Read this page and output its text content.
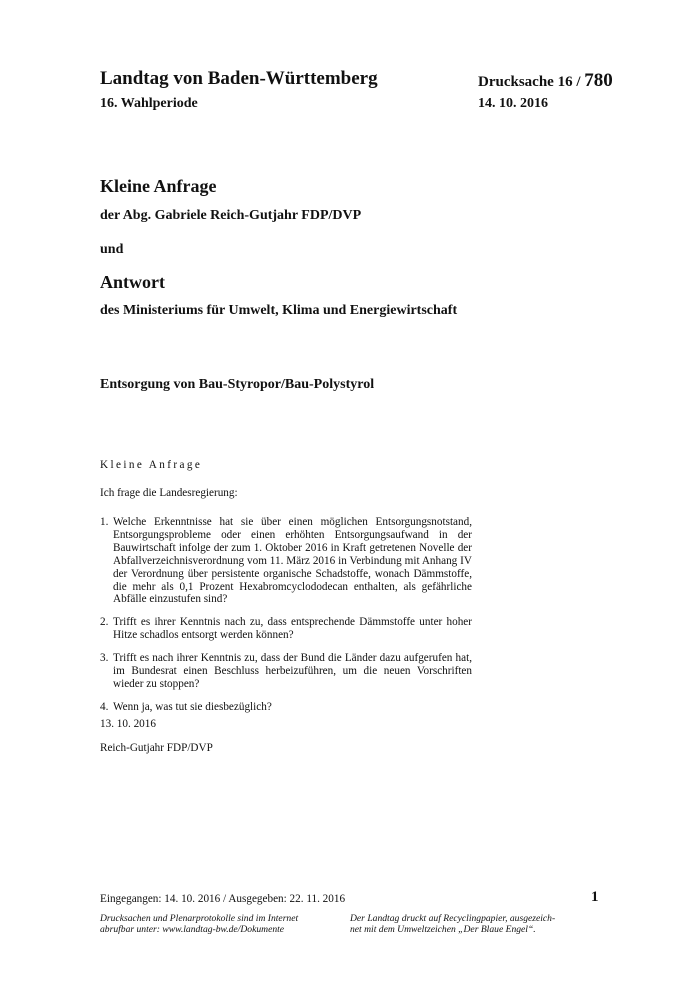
Landtag von Baden-Württemberg	Drucksache 16 / 780
16. Wahlperiode	14. 10. 2016
Kleine Anfrage
der Abg. Gabriele Reich-Gutjahr FDP/DVP
und
Antwort
des Ministeriums für Umwelt, Klima und Energiewirtschaft
Entsorgung von Bau-Styropor/Bau-Polystyrol
Kleine Anfrage
Ich frage die Landesregierung:
1. Welche Erkenntnisse hat sie über einen möglichen Entsorgungsnotstand, Entsorgungsprobleme oder einen erhöhten Entsorgungsaufwand in der Bauwirtschaft infolge der zum 1. Oktober 2016 in Kraft getretenen Novelle der Abfallverzeichnisverordnung vom 11. März 2016 in Verbindung mit Anhang IV der Verordnung über persistente organische Schadstoffe, wonach Dämmstoffe, die mehr als 0,1 Prozent Hexabromcyclododecan enthalten, als gefährliche Abfälle einzustufen sind?
2. Trifft es ihrer Kenntnis nach zu, dass entsprechende Dämmstoffe unter hoher Hitze schadlos entsorgt werden können?
3. Trifft es nach ihrer Kenntnis zu, dass der Bund die Länder dazu aufgerufen hat, im Bundesrat einen Beschluss herbeizuführen, um die neuen Vorschriften wieder zu stoppen?
4. Wenn ja, was tut sie diesbezüglich?
13. 10. 2016
Reich-Gutjahr FDP/DVP
Eingegangen: 14. 10. 2016 / Ausgegeben: 22. 11. 2016	1
Drucksachen und Plenarprotokolle sind im Internet
abrufbar unter: www.landtag-bw.de/Dokumente
Der Landtag druckt auf Recyclingpapier, ausgezeich-
net mit dem Umweltzeichen „Der Blaue Engel“.
